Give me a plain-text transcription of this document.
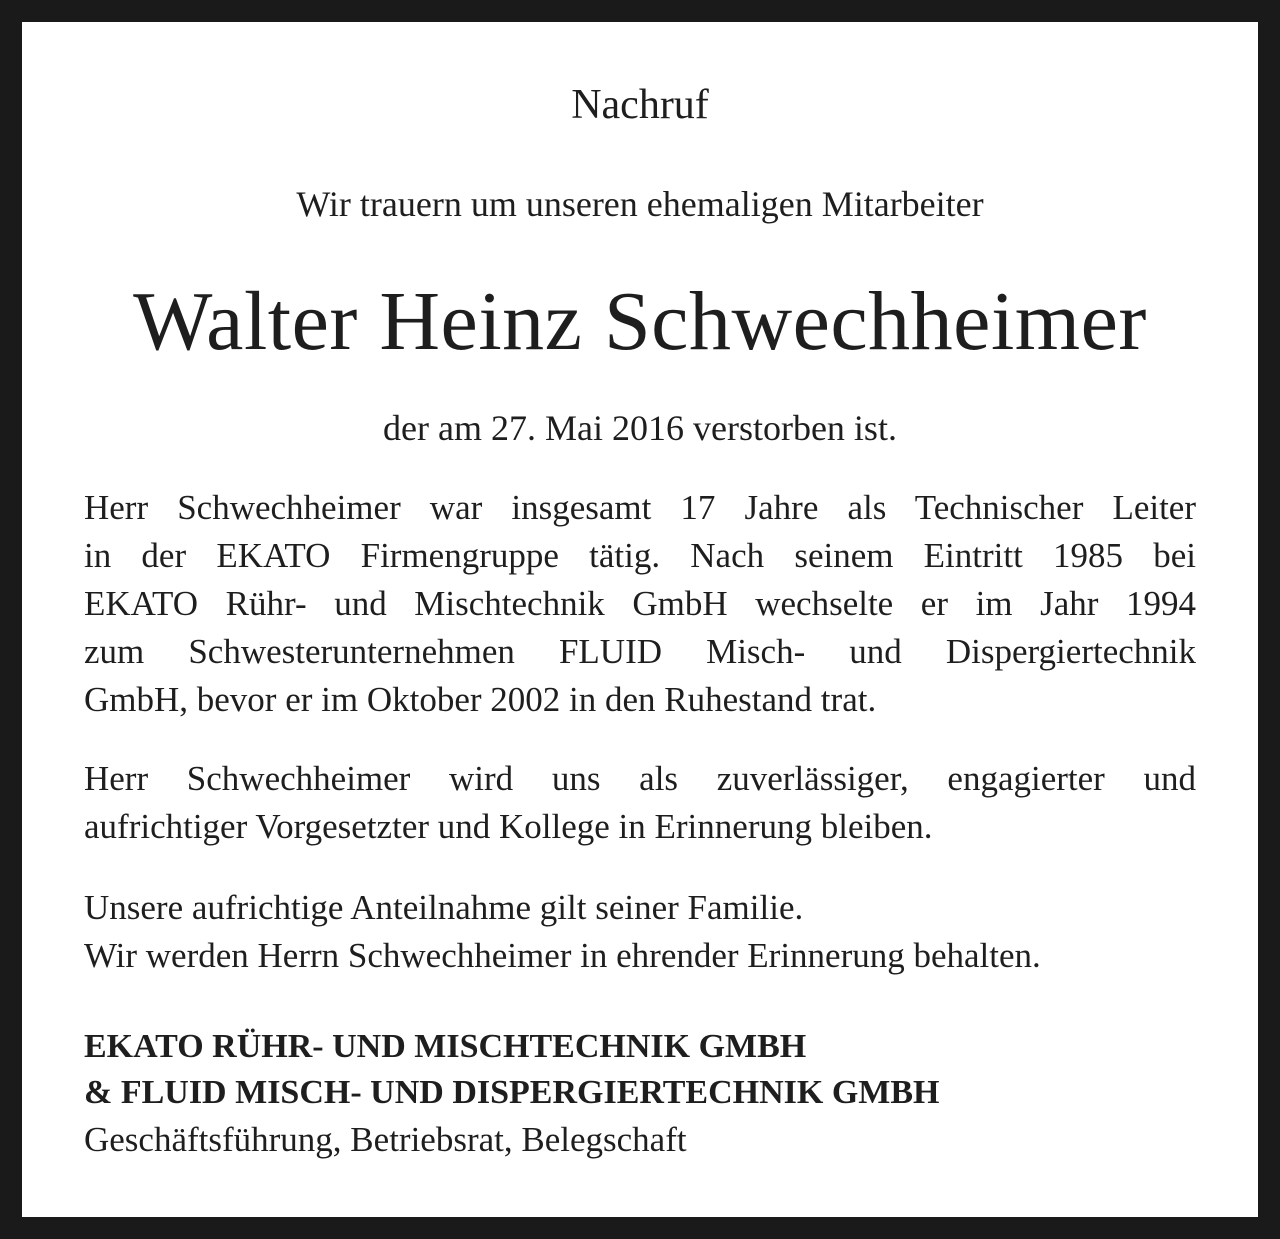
Nachruf
Wir trauern um unseren ehemaligen Mitarbeiter
Walter Heinz Schwechheimer
der am 27. Mai 2016 verstorben ist.
Herr Schwechheimer war insgesamt 17 Jahre als Technischer Leiter
in der EKATO Firmengruppe tätig. Nach seinem Eintritt 1985 bei
EKATO Rühr- und Mischtechnik GmbH wechselte er im Jahr 1994
zum Schwesterunternehmen FLUID Misch- und Dispergiertechnik
GmbH, bevor er im Oktober 2002 in den Ruhestand trat.
Herr Schwechheimer wird uns als zuverlässiger, engagierter und
aufrichtiger Vorgesetzter und Kollege in Erinnerung bleiben.
Unsere aufrichtige Anteilnahme gilt seiner Familie.
Wir werden Herrn Schwechheimer in ehrender Erinnerung behalten.
EKATO RÜHR- UND MISCHTECHNIK GMBH
& FLUID MISCH- UND DISPERGIERTECHNIK GMBH
Geschäftsführung, Betriebsrat, Belegschaft
